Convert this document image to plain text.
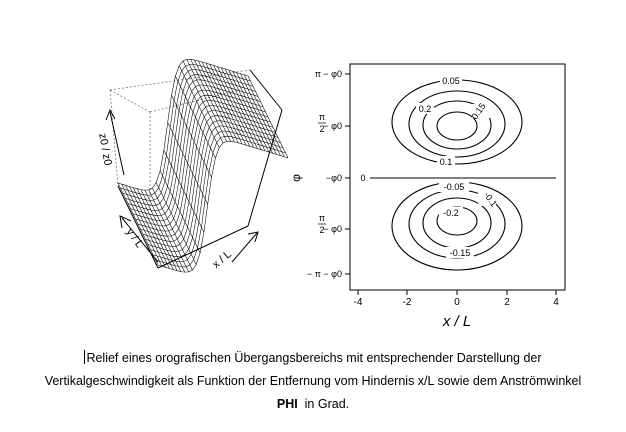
z0 / z0
y / L
x / L
0.05
0.2	0.15
0.1
0
-0.05
-0.1
-0.2
-0.15
-4	-2	0	2	4
x / L
π − φ0
π
2
− φ0
−φ0
π
2
− φ0
− π − φ0
φ
Relief eines orografischen Übergangsbereichs mit entsprechender Darstellung der
Vertikalgeschwindigkeit als Funktion der Entfernung vom Hindernis x/L sowie dem Anströmwinkel
PHI  in Grad.
